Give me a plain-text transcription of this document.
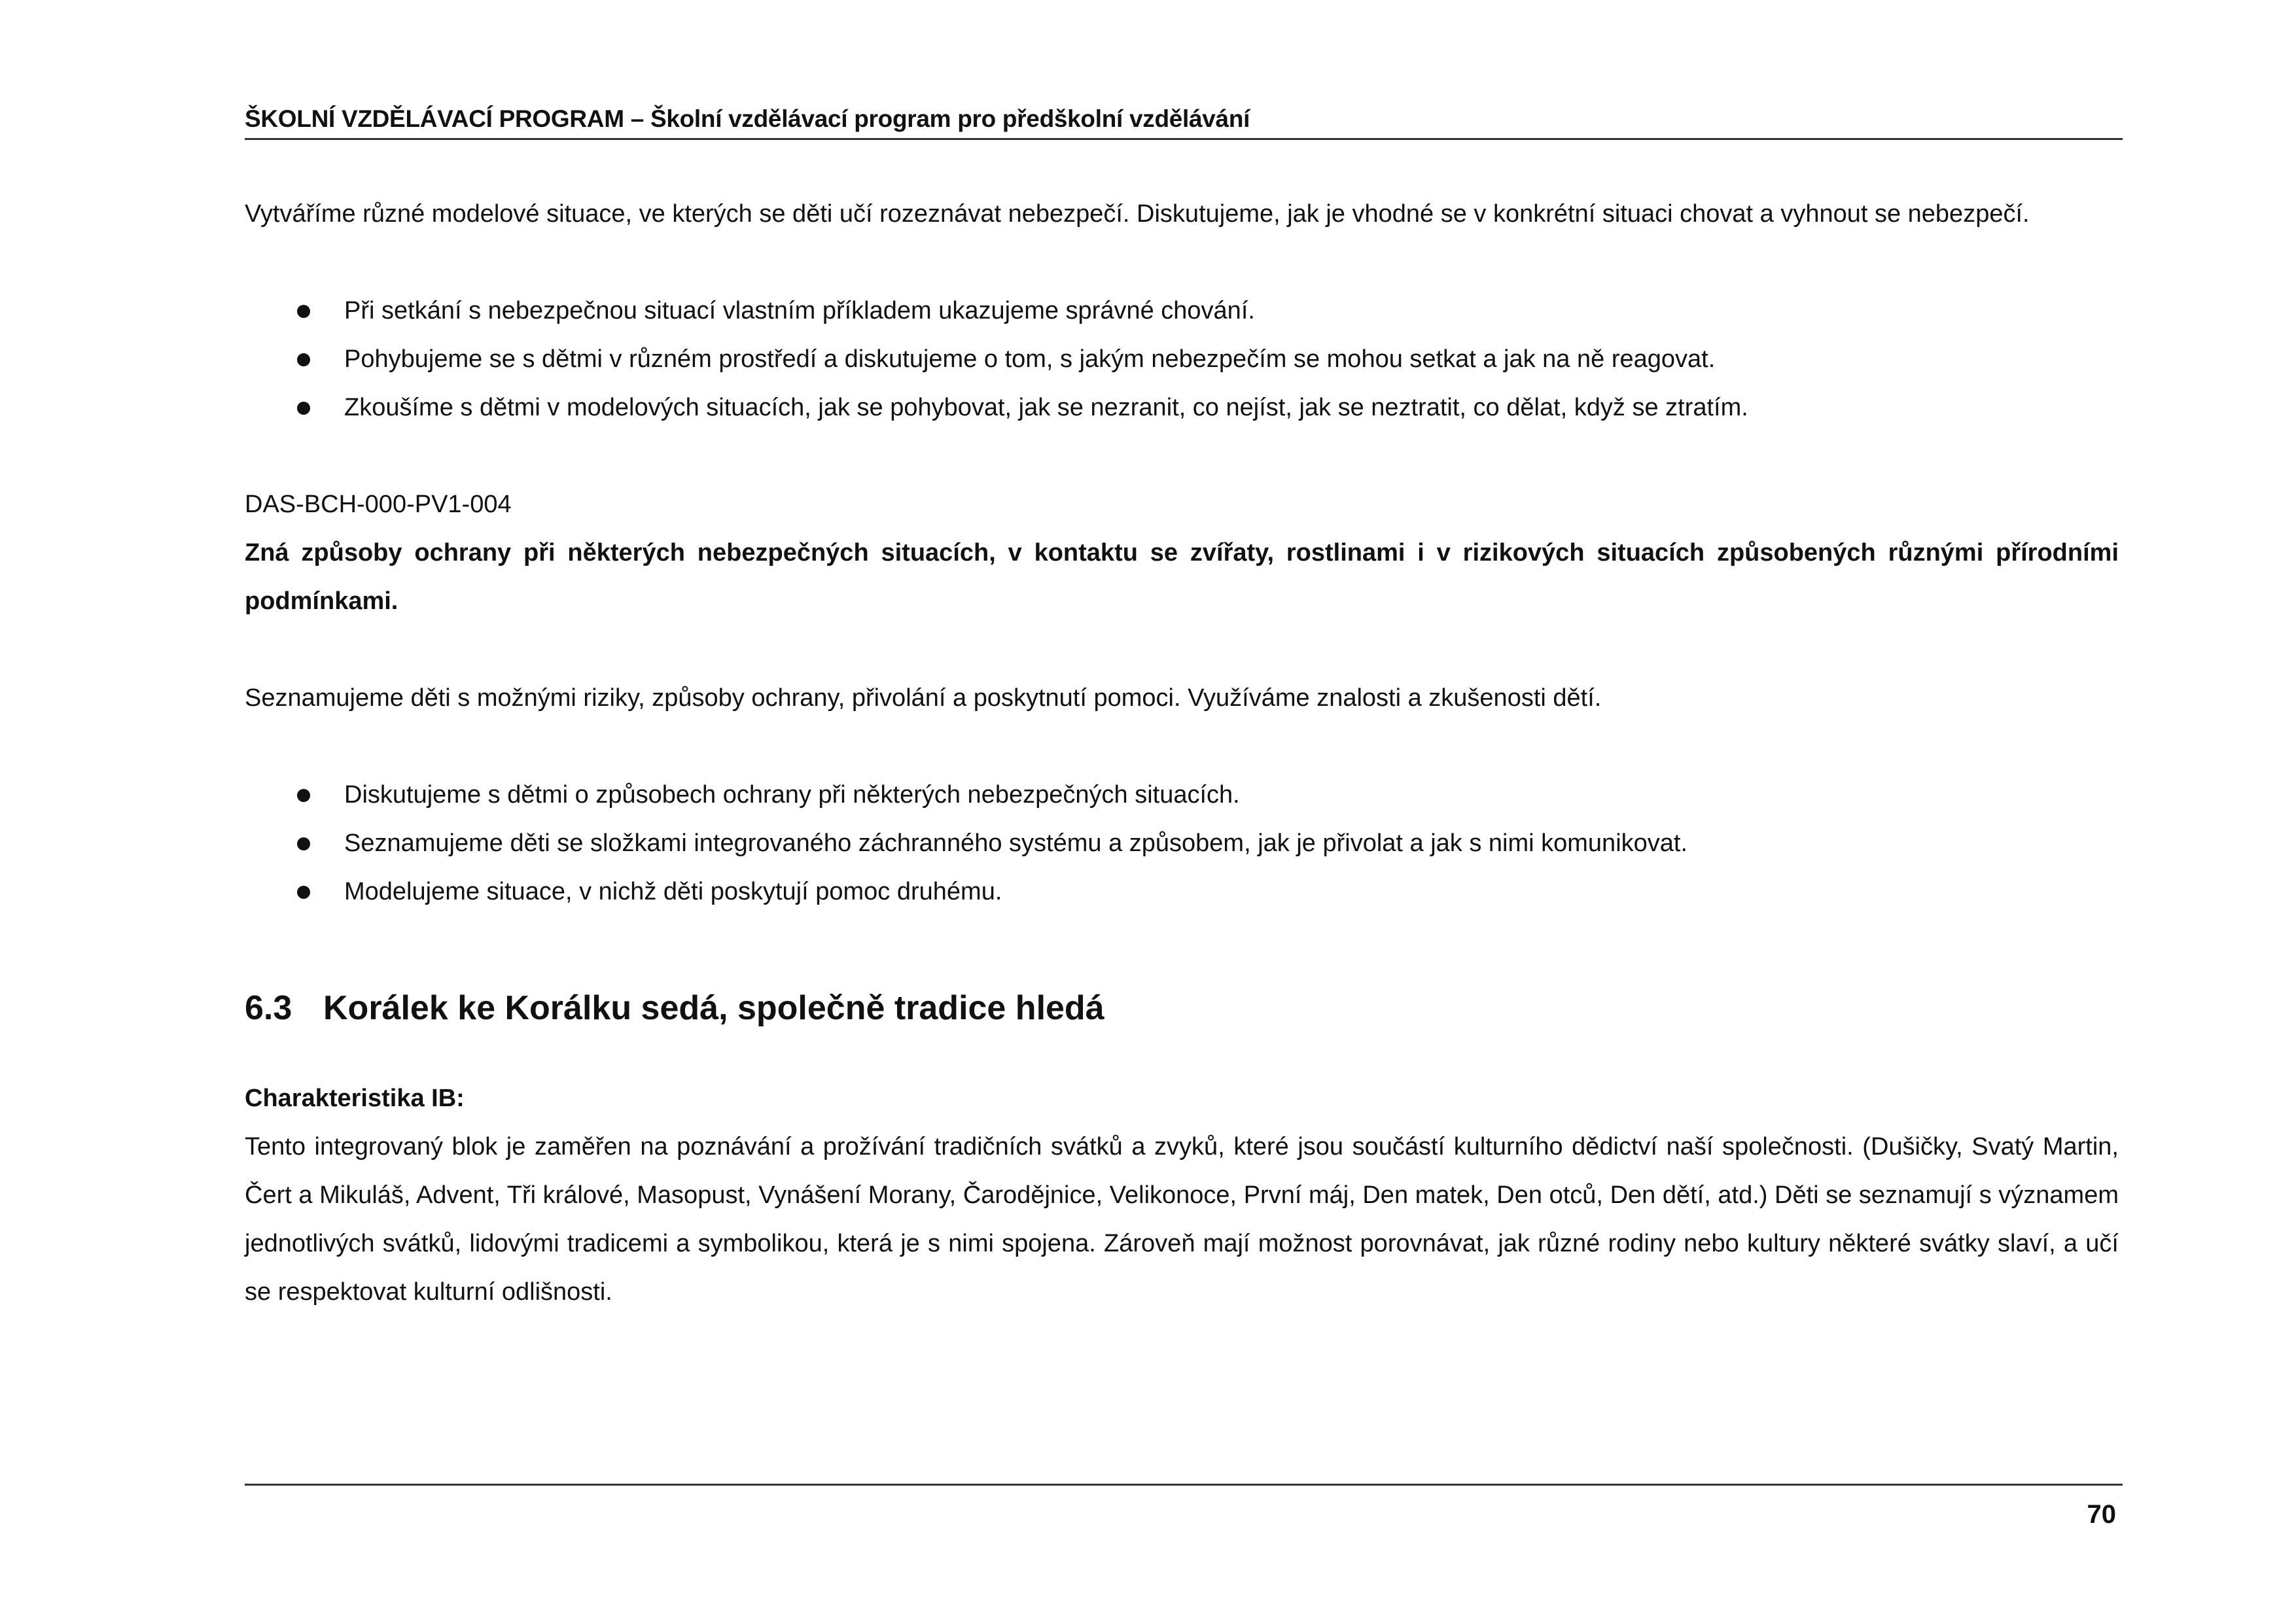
ŠKOLNÍ VZDĚLÁVACÍ PROGRAM – Školní vzdělávací program pro předškolní vzdělávání

Vytváříme různé modelové situace, ve kterých se děti učí rozeznávat nebezpečí. Diskutujeme, jak je vhodné se v konkrétní situaci chovat a vyhnout se nebezpečí.

Při setkání s nebezpečnou situací vlastním příkladem ukazujeme správné chování.
Pohybujeme se s dětmi v různém prostředí a diskutujeme o tom, s jakým nebezpečím se mohou setkat a jak na ně reagovat.
Zkoušíme s dětmi v modelových situacích, jak se pohybovat, jak se nezranit, co nejíst, jak se neztratit, co dělat, když se ztratím.

DAS-BCH-000-PV1-004

Zná způsoby ochrany při některých nebezpečných situacích, v kontaktu se zvířaty, rostlinami i v rizikových situacích způsobených různými přírodními podmínkami.

Seznamujeme děti s možnými riziky, způsoby ochrany, přivolání a poskytnutí pomoci. Využíváme znalosti a zkušenosti dětí.

Diskutujeme s dětmi o způsobech ochrany při některých nebezpečných situacích.
Seznamujeme děti se složkami integrovaného záchranného systému a způsobem, jak je přivolat a jak s nimi komunikovat.
Modelujeme situace, v nichž děti poskytují pomoc druhému.
6.3 Korálek ke Korálku sedá, společně tradice hledá

Charakteristika IB:

Tento integrovaný blok je zaměřen na poznávání a prožívání tradičních svátků a zvyků, které jsou součástí kulturního dědictví naší společnosti. (Dušičky, Svatý Martin, Čert a Mikuláš, Advent, Tři králové, Masopust, Vynášení Morany, Čarodějnice, Velikonoce, První máj, Den matek, Den otců, Den dětí, atd.) Děti se seznamují s významem jednotlivých svátků, lidovými tradicemi a symbolikou, která je s nimi spojena. Zároveň mají možnost porovnávat, jak různé rodiny nebo kultury některé svátky slaví, a učí se respektovat kulturní odlišnosti.

70
